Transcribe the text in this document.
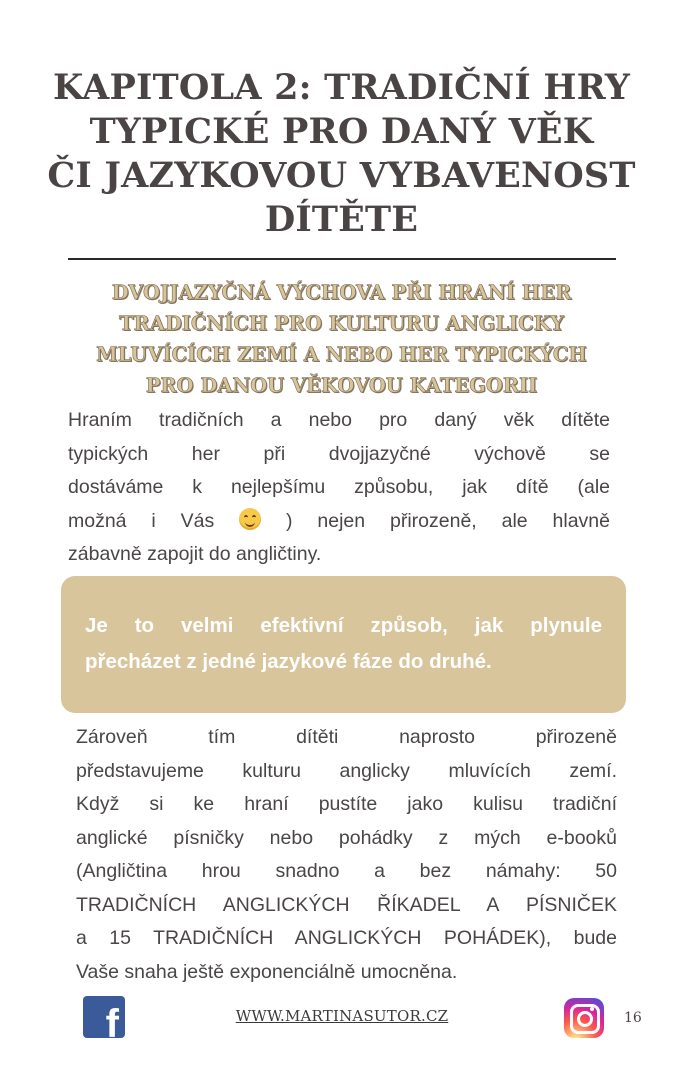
KAPITOLA 2: TRADIČNÍ HRY
TYPICKÉ PRO DANÝ VĚK
ČI JAZYKOVOU VYBAVENOST
DÍTĚTE
DVOJJAZYČNÁ VÝCHOVA PŘI HRANÍ HER
TRADIČNÍCH PRO KULTURU ANGLICKY
MLUVÍCÍCH ZEMÍ A NEBO HER TYPICKÝCH
PRO DANOU VĚKOVOU KATEGORII

Hraním tradičních a nebo pro daný věk dítěte
typických her při dvojjazyčné výchově se
dostáváme k nejlepšímu způsobu, jak dítě (ale
možná i Vás	) nejen přirozeně, ale hlavně
zábavně zapojit do angličtiny.

Je to velmi efektivní způsob, jak plynule
přecházet z jedné jazykové fáze do druhé.

Zároveň tím dítěti naprosto přirozeně
představujeme kulturu anglicky mluvících zemí.
Když si ke hraní pustíte jako kulisu tradiční
anglické písničky nebo pohádky z mých e-booků
(Angličtina hrou snadno a bez námahy: 50
TRADIČNÍCH ANGLICKÝCH ŘÍKADEL A PÍSNIČEK
a 15 TRADIČNÍCH ANGLICKÝCH POHÁDEK), bude
Vaše snaha ještě exponenciálně umocněna.

f	WWW.MARTINASUTOR.CZ	16
